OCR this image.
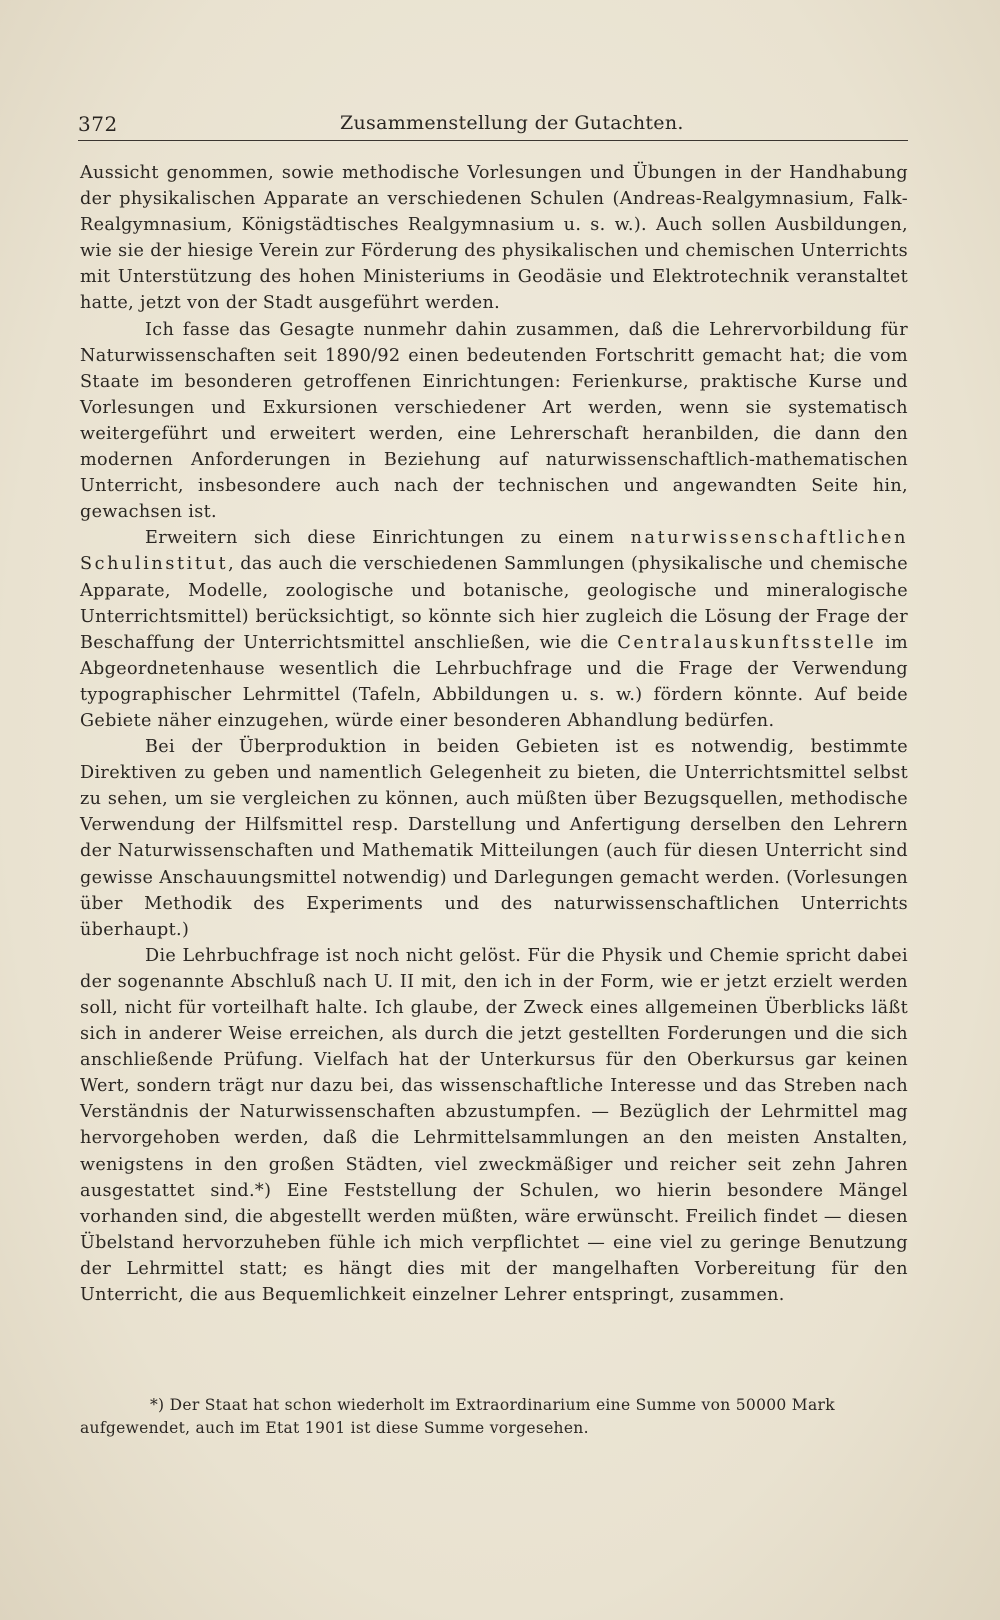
372	Zusammenstellung der Gutachten.

Aussicht genommen, sowie methodische Vorlesungen und Übungen in der Handhabung der physikalischen Apparate an verschiedenen Schulen (Andreas-Realgymnasium, Falk-Realgymnasium, Königstädtisches Realgymnasium u. s. w.). Auch sollen Ausbildungen, wie sie der hiesige Verein zur Förderung des physikalischen und chemischen Unterrichts mit Unterstützung des hohen Ministeriums in Geodäsie und Elektrotechnik veranstaltet hatte, jetzt von der Stadt ausgeführt werden.

Ich fasse das Gesagte nunmehr dahin zusammen, daß die Lehrervorbildung für Naturwissenschaften seit 1890/92 einen bedeutenden Fortschritt gemacht hat; die vom Staate im besonderen getroffenen Einrichtungen: Ferienkurse, praktische Kurse und Vorlesungen und Exkursionen verschiedener Art werden, wenn sie systematisch weitergeführt und erweitert werden, eine Lehrerschaft heranbilden, die dann den modernen Anforderungen in Beziehung auf naturwissenschaftlich-mathematischen Unterricht, insbesondere auch nach der technischen und angewandten Seite hin, gewachsen ist.

Erweitern sich diese Einrichtungen zu einem naturwissenschaftlichen Schulinstitut, das auch die verschiedenen Sammlungen (physikalische und chemische Apparate, Modelle, zoologische und botanische, geologische und mineralogische Unterrichtsmittel) berücksichtigt, so könnte sich hier zugleich die Lösung der Frage der Beschaffung der Unterrichtsmittel anschließen, wie die Centralauskunftsstelle im Abgeordnetenhause wesentlich die Lehrbuchfrage und die Frage der Verwendung typographischer Lehrmittel (Tafeln, Abbildungen u. s. w.) fördern könnte. Auf beide Gebiete näher einzugehen, würde einer besonderen Abhandlung bedürfen.

Bei der Überproduktion in beiden Gebieten ist es notwendig, bestimmte Direktiven zu geben und namentlich Gelegenheit zu bieten, die Unterrichtsmittel selbst zu sehen, um sie vergleichen zu können, auch müßten über Bezugsquellen, methodische Verwendung der Hilfsmittel resp. Darstellung und Anfertigung derselben den Lehrern der Naturwissenschaften und Mathematik Mitteilungen (auch für diesen Unterricht sind gewisse Anschauungsmittel notwendig) und Darlegungen gemacht werden. (Vorlesungen über Methodik des Experiments und des naturwissenschaftlichen Unterrichts überhaupt.)

Die Lehrbuchfrage ist noch nicht gelöst. Für die Physik und Chemie spricht dabei der sogenannte Abschluß nach U. II mit, den ich in der Form, wie er jetzt erzielt werden soll, nicht für vorteilhaft halte. Ich glaube, der Zweck eines allgemeinen Überblicks läßt sich in anderer Weise erreichen, als durch die jetzt gestellten Forderungen und die sich anschließende Prüfung. Vielfach hat der Unterkursus für den Oberkursus gar keinen Wert, sondern trägt nur dazu bei, das wissenschaftliche Interesse und das Streben nach Verständnis der Naturwissenschaften abzustumpfen. — Bezüglich der Lehrmittel mag hervorgehoben werden, daß die Lehrmittelsammlungen an den meisten Anstalten, wenigstens in den großen Städten, viel zweckmäßiger und reicher seit zehn Jahren ausgestattet sind.*) Eine Feststellung der Schulen, wo hierin besondere Mängel vorhanden sind, die abgestellt werden müßten, wäre erwünscht. Freilich findet — diesen Übelstand hervorzuheben fühle ich mich verpflichtet — eine viel zu geringe Benutzung der Lehrmittel statt; es hängt dies mit der mangelhaften Vorbereitung für den Unterricht, die aus Bequemlichkeit einzelner Lehrer entspringt, zusammen.

*) Der Staat hat schon wiederholt im Extraordinarium eine Summe von 50000 Mark
aufgewendet, auch im Etat 1901 ist diese Summe vorgesehen.
